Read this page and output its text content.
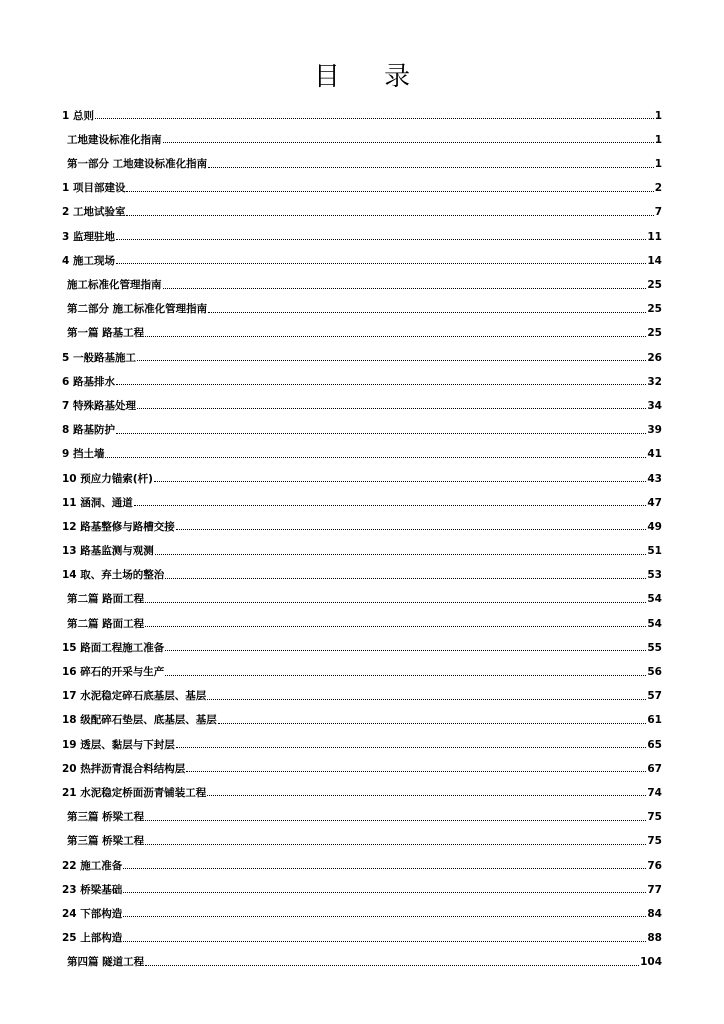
目 录
1 总则	1
工地建设标准化指南	1
第一部分 工地建设标准化指南	1
1 项目部建设	2
2 工地试验室	7
3 监理驻地	11
4 施工现场	14
施工标准化管理指南	25
第二部分 施工标准化管理指南	25
第一篇 路基工程	25
5 一般路基施工	26
6 路基排水	32
7 特殊路基处理	34
8 路基防护	39
9 挡土墙	41
10 预应力锚索(杆)	43
11 涵洞、通道	47
12 路基整修与路槽交接	49
13 路基监测与观测	51
14 取、弃土场的整治	53
第二篇 路面工程	54
第二篇 路面工程	54
15 路面工程施工准备	55
16 碎石的开采与生产	56
17 水泥稳定碎石底基层、基层	57
18 级配碎石垫层、底基层、基层	61
19 透层、黏层与下封层	65
20 热拌沥青混合料结构层	67
21 水泥稳定桥面沥青铺装工程	74
第三篇 桥梁工程	75
第三篇 桥梁工程	75
22 施工准备	76
23 桥梁基础	77
24 下部构造	84
25 上部构造	88
第四篇 隧道工程	104
